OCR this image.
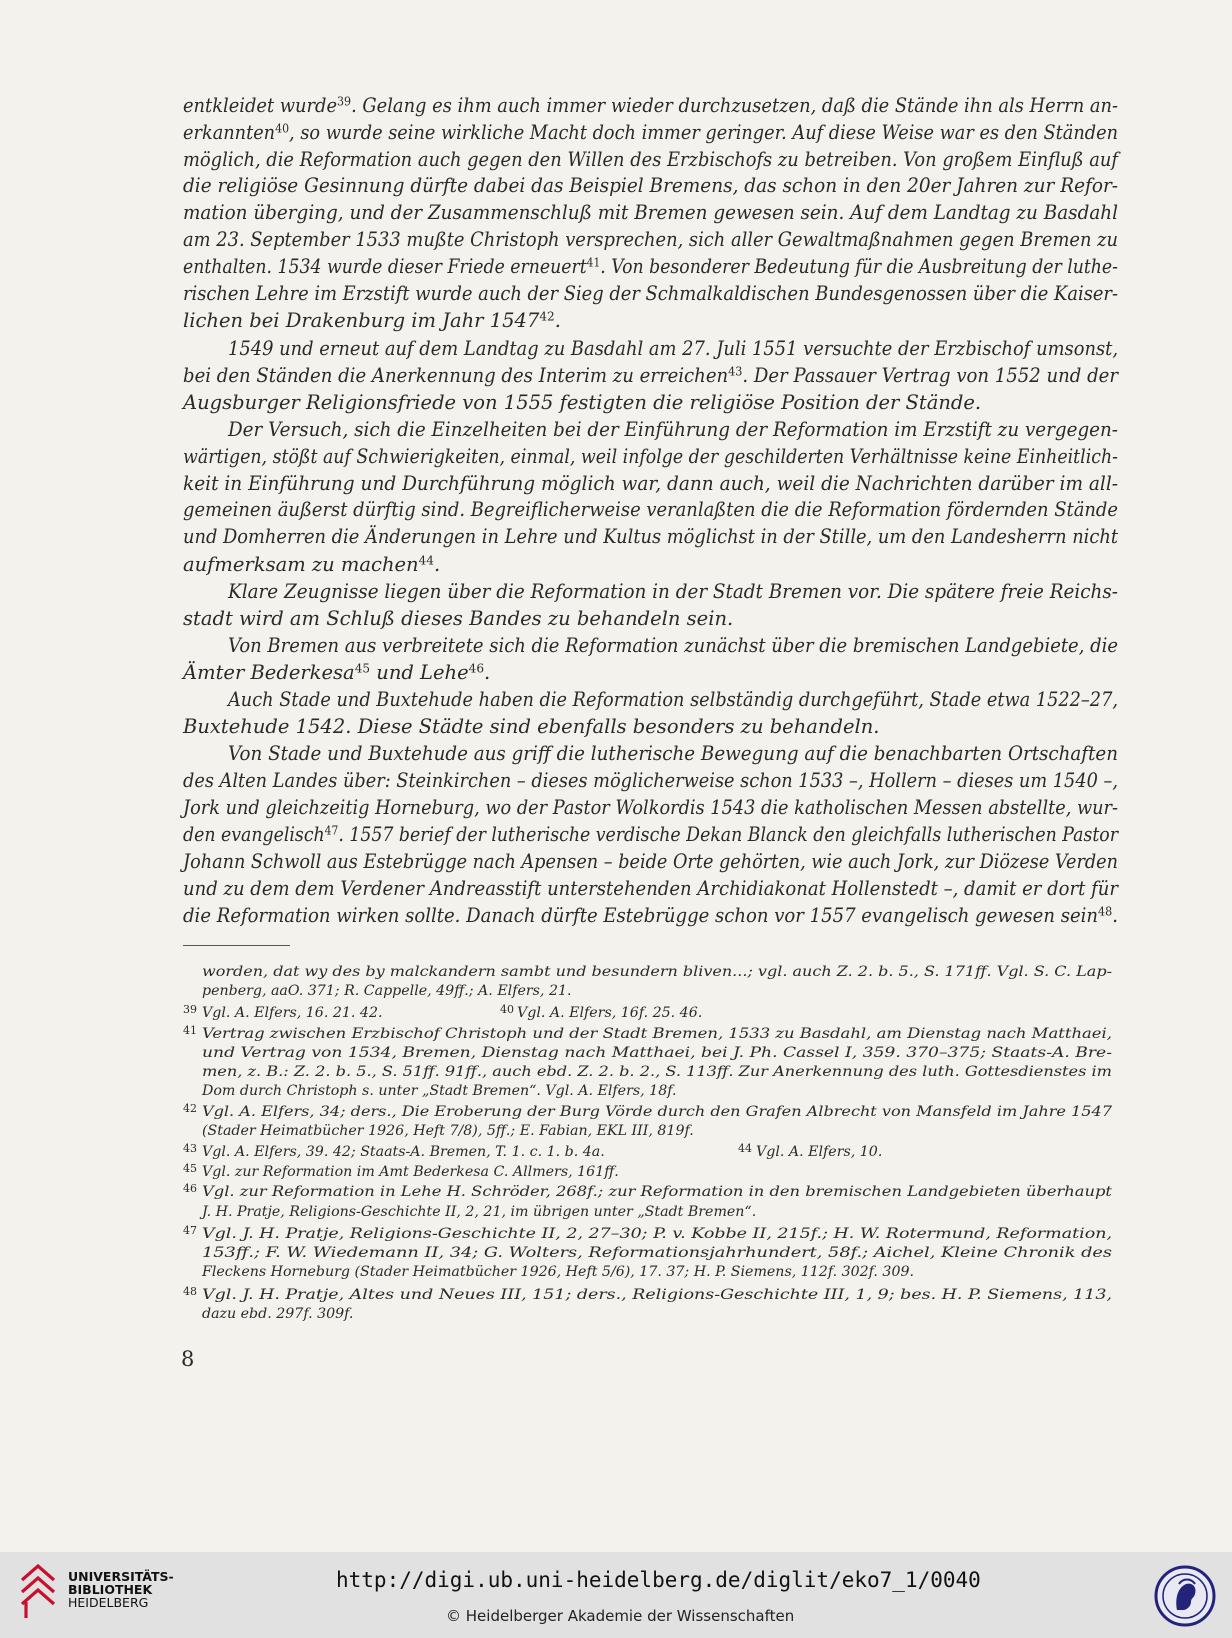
entkleidet wurde$^{39}$. Gelang es ihm auch immer wieder durchzusetzen, daß die Stände ihn als Herrn an-
erkannten$^{40}$, so wurde seine wirkliche Macht doch immer geringer. Auf diese Weise war es den Ständen
möglich, die Reformation auch gegen den Willen des Erzbischofs zu betreiben. Von großem Einfluß auf
die religiöse Gesinnung dürfte dabei das Beispiel Bremens, das schon in den 20er Jahren zur Refor-
mation überging, und der Zusammenschluß mit Bremen gewesen sein. Auf dem Landtag zu Basdahl
am 23. September 1533 mußte Christoph versprechen, sich aller Gewaltmaßnahmen gegen Bremen zu
enthalten. 1534 wurde dieser Friede erneuert$^{41}$. Von besonderer Bedeutung für die Ausbreitung der luthe-
rischen Lehre im Erzstift wurde auch der Sieg der Schmalkaldischen Bundesgenossen über die Kaiser-
lichen bei Drakenburg im Jahr 1547$^{42}$.
1549 und erneut auf dem Landtag zu Basdahl am 27. Juli 1551 versuchte der Erzbischof umsonst,
bei den Ständen die Anerkennung des Interim zu erreichen$^{43}$. Der Passauer Vertrag von 1552 und der
Augsburger Religionsfriede von 1555 festigten die religiöse Position der Stände.
Der Versuch, sich die Einzelheiten bei der Einführung der Reformation im Erzstift zu vergegen-
wärtigen, stößt auf Schwierigkeiten, einmal, weil infolge der geschilderten Verhältnisse keine Einheitlich-
keit in Einführung und Durchführung möglich war, dann auch, weil die Nachrichten darüber im all-
gemeinen äußerst dürftig sind. Begreiflicherweise veranlaßten die die Reformation fördernden Stände
und Domherren die Änderungen in Lehre und Kultus möglichst in der Stille, um den Landesherrn nicht
aufmerksam zu machen$^{44}$.
Klare Zeugnisse liegen über die Reformation in der Stadt Bremen vor. Die spätere freie Reichs-
stadt wird am Schluß dieses Bandes zu behandeln sein.
Von Bremen aus verbreitete sich die Reformation zunächst über die bremischen Landgebiete, die
Ämter Bederkesa$^{45}$ und Lehe$^{46}$.
Auch Stade und Buxtehude haben die Reformation selbständig durchgeführt, Stade etwa 1522–27,
Buxtehude 1542. Diese Städte sind ebenfalls besonders zu behandeln.
Von Stade und Buxtehude aus griff die lutherische Bewegung auf die benachbarten Ortschaften
des Alten Landes über: Steinkirchen – dieses möglicherweise schon 1533 –, Hollern – dieses um 1540 –,
Jork und gleichzeitig Horneburg, wo der Pastor Wolkordis 1543 die katholischen Messen abstellte, wur-
den evangelisch$^{47}$. 1557 berief der lutherische verdische Dekan Blanck den gleichfalls lutherischen Pastor
Johann Schwoll aus Estebrügge nach Apensen – beide Orte gehörten, wie auch Jork, zur Diözese Verden
und zu dem dem Verdener Andreasstift unterstehenden Archidiakonat Hollenstedt –, damit er dort für
die Reformation wirken sollte. Danach dürfte Estebrügge schon vor 1557 evangelisch gewesen sein$^{48}$.
worden, dat wy des by malckandern sambt und besundern bliven...; vgl. auch Z. 2. b. 5., S. 171ff. Vgl. S. C. Lap-
penberg, aaO. 371; R. Cappelle, 49ff.; A. Elfers, 21.
39 Vgl. A. Elfers, 16. 21. 42.	40 Vgl. A. Elfers, 16f. 25. 46.
41 Vertrag zwischen Erzbischof Christoph und der Stadt Bremen, 1533 zu Basdahl, am Dienstag nach Matthaei,
und Vertrag von 1534, Bremen, Dienstag nach Matthaei, bei J. Ph. Cassel I, 359. 370–375; Staats-A. Bre-
men, z. B.: Z. 2. b. 5., S. 51ff. 91ff., auch ebd. Z. 2. b. 2., S. 113ff. Zur Anerkennung des luth. Gottesdienstes im
Dom durch Christoph s. unter „Stadt Bremen“. Vgl. A. Elfers, 18f.
42 Vgl. A. Elfers, 34; ders., Die Eroberung der Burg Vörde durch den Grafen Albrecht von Mansfeld im Jahre 1547
(Stader Heimatbücher 1926, Heft 7/8), 5ff.; E. Fabian, EKL III, 819f.
43 Vgl. A. Elfers, 39. 42; Staats-A. Bremen, T. 1. c. 1. b. 4a.	44 Vgl. A. Elfers, 10.
45 Vgl. zur Reformation im Amt Bederkesa C. Allmers, 161ff.
46 Vgl. zur Reformation in Lehe H. Schröder, 268f.; zur Reformation in den bremischen Landgebieten überhaupt
J. H. Pratje, Religions-Geschichte II, 2, 21, im übrigen unter „Stadt Bremen“.
47 Vgl. J. H. Pratje, Religions-Geschichte II, 2, 27–30; P. v. Kobbe II, 215f.; H. W. Rotermund, Reformation,
153ff.; F. W. Wiedemann II, 34; G. Wolters, Reformationsjahrhundert, 58f.; Aichel, Kleine Chronik des
Fleckens Horneburg (Stader Heimatbücher 1926, Heft 5/6), 17. 37; H. P. Siemens, 112f. 302f. 309.
48 Vgl. J. H. Pratje, Altes und Neues III, 151; ders., Religions-Geschichte III, 1, 9; bes. H. P. Siemens, 113,
dazu ebd. 297f. 309f.
8
UNIVERSITÄTS-
BIBLIOTHEK
HEIDELBERG
http://digi.ub.uni-heidelberg.de/diglit/eko7_1/0040
© Heidelberger Akademie der Wissenschaften
